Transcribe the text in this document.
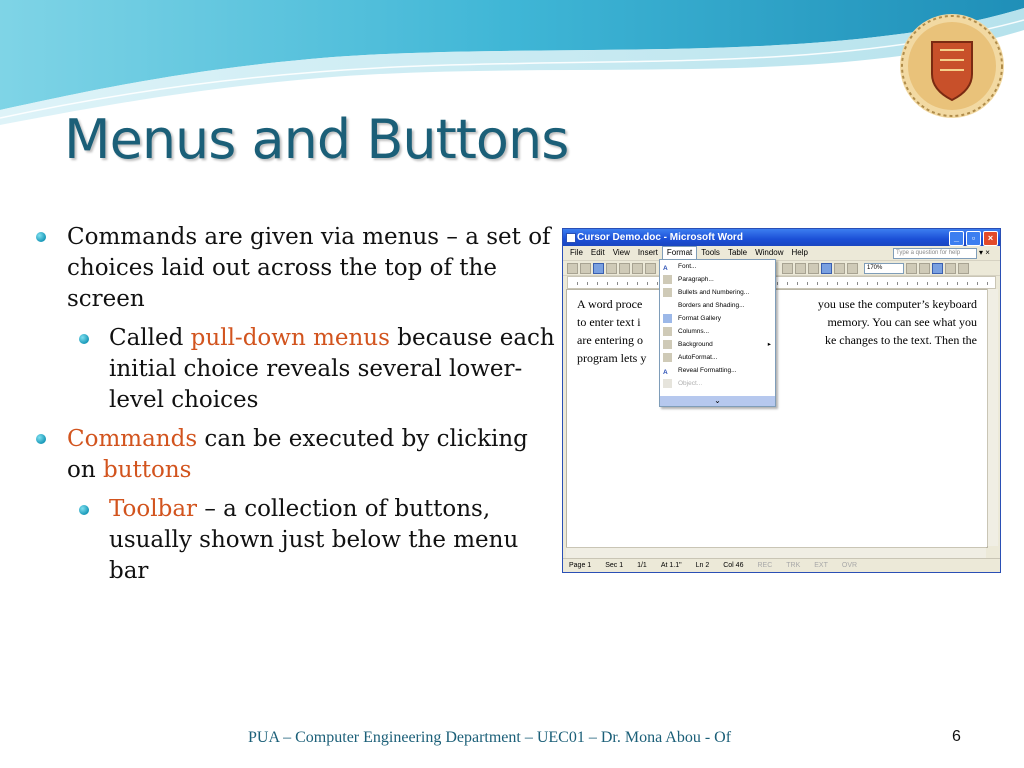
Menus and Buttons
Commands are given via menus – a set of choices laid out across the top of the screen
Called pull-down menus because each initial choice reveals several lower-level choices
Commands can be executed by clicking on buttons
Toolbar – a collection of buttons, usually shown just below the menu bar
Cursor Demo.doc - Microsoft Word	_	▫	×
File	Edit	View	Insert	Format	Tools	Table	Window	Help	Type a question for help	▾ ×
170%
A word proce	you use the computer’s keyboard
to enter text i	memory. You can see what you
are entering o	ke changes to the text. Then the
program lets y
A	Font...
Paragraph...
Bullets and Numbering...
Borders and Shading...
Format Gallery
Columns...
Background	▸
AutoFormat...
A	Reveal Formatting...
Object...
⌄
Page 1 Sec 1 1/1 At 1.1" Ln 2 Col 46 REC TRK EXT OVR
PUA – Computer Engineering Department – UEC01 – Dr. Mona Abou - Of	6
